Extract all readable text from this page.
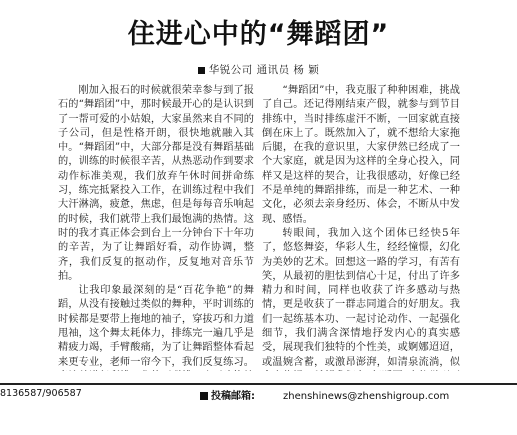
住进心中的“舞蹈团”
华锐公司 通讯员 杨 颖

刚加入报石的时候就很荣幸参与到了报石的“舞蹈团”中，那时候最开心的是认识到了一帮可爱的小姑娘，大家虽然来自不同的子公司，但是性格开朗，很快地就融入其中。“舞蹈团”中，大部分都是没有舞蹈基础的，训练的时候很辛苦，从热恶动作到要求动作标准美观，我们放弃午休时间拼命练习，练完抵紧投入工作，在训练过程中我们大汗淋漓，疲惫，焦虑，但是每每音乐响起的时候，我们就带上我们最饱满的热情。这时的我才真正体会到台上一分钟台下十年功的辛苦，为了让舞蹈好看，动作协调，整齐，我们反复的抠动作，反复地对音乐节拍。

让我印象最深刻的是“百花争艳”的舞蹈，从没有接触过类似的舞种，平时训练的时候都是要带上拖地的袖子，穿拔巧和力道甩袖，这个舞太耗体力，排练完一遍几乎是精疲力竭，手臂酸痛，为了让舞蹈整体看起来更专业，老师一帘今下，我们反复练习。

“舞蹈团”中，我克服了种种困难，挑战了自己。还记得刚结束产假，就参与到节目排练中，当时排练虚汗不断，一回家就直接倒在床上了。既然加入了，就不想给大家拖后腿，在我的意识里，大家伊然已经成了一个大家庭，就是因为这样的全身心投入，同样又是这样的契合，让我很感动，好像已经不是单纯的舞蹈排练，而是一种艺术、一种文化，必须去亲身经历、体会，不断从中发现、感悟。

转眼间，我加入这个团体已经快5年了，悠悠舞姿，华彩人生，经经憧憬，幻化为美妙的艺术。回想这一路的学习，有苦有笑，从最初的胆怯到信心十足，付出了许多精力和时间，同样也收获了许多感动与热情，更是收获了一群志同道合的好朋友。我们一起练基本功、一起讨论动作、一起强化细节，我们满含深情地抒发内心的真实感受，展现我们独特的个性美，或婀娜迢迢，或温婉含蓄，或激昂澎湃，如清泉流淌，似

8136587/906587	投稿邮箱:	zhenshinews@zhenshigroup.com
